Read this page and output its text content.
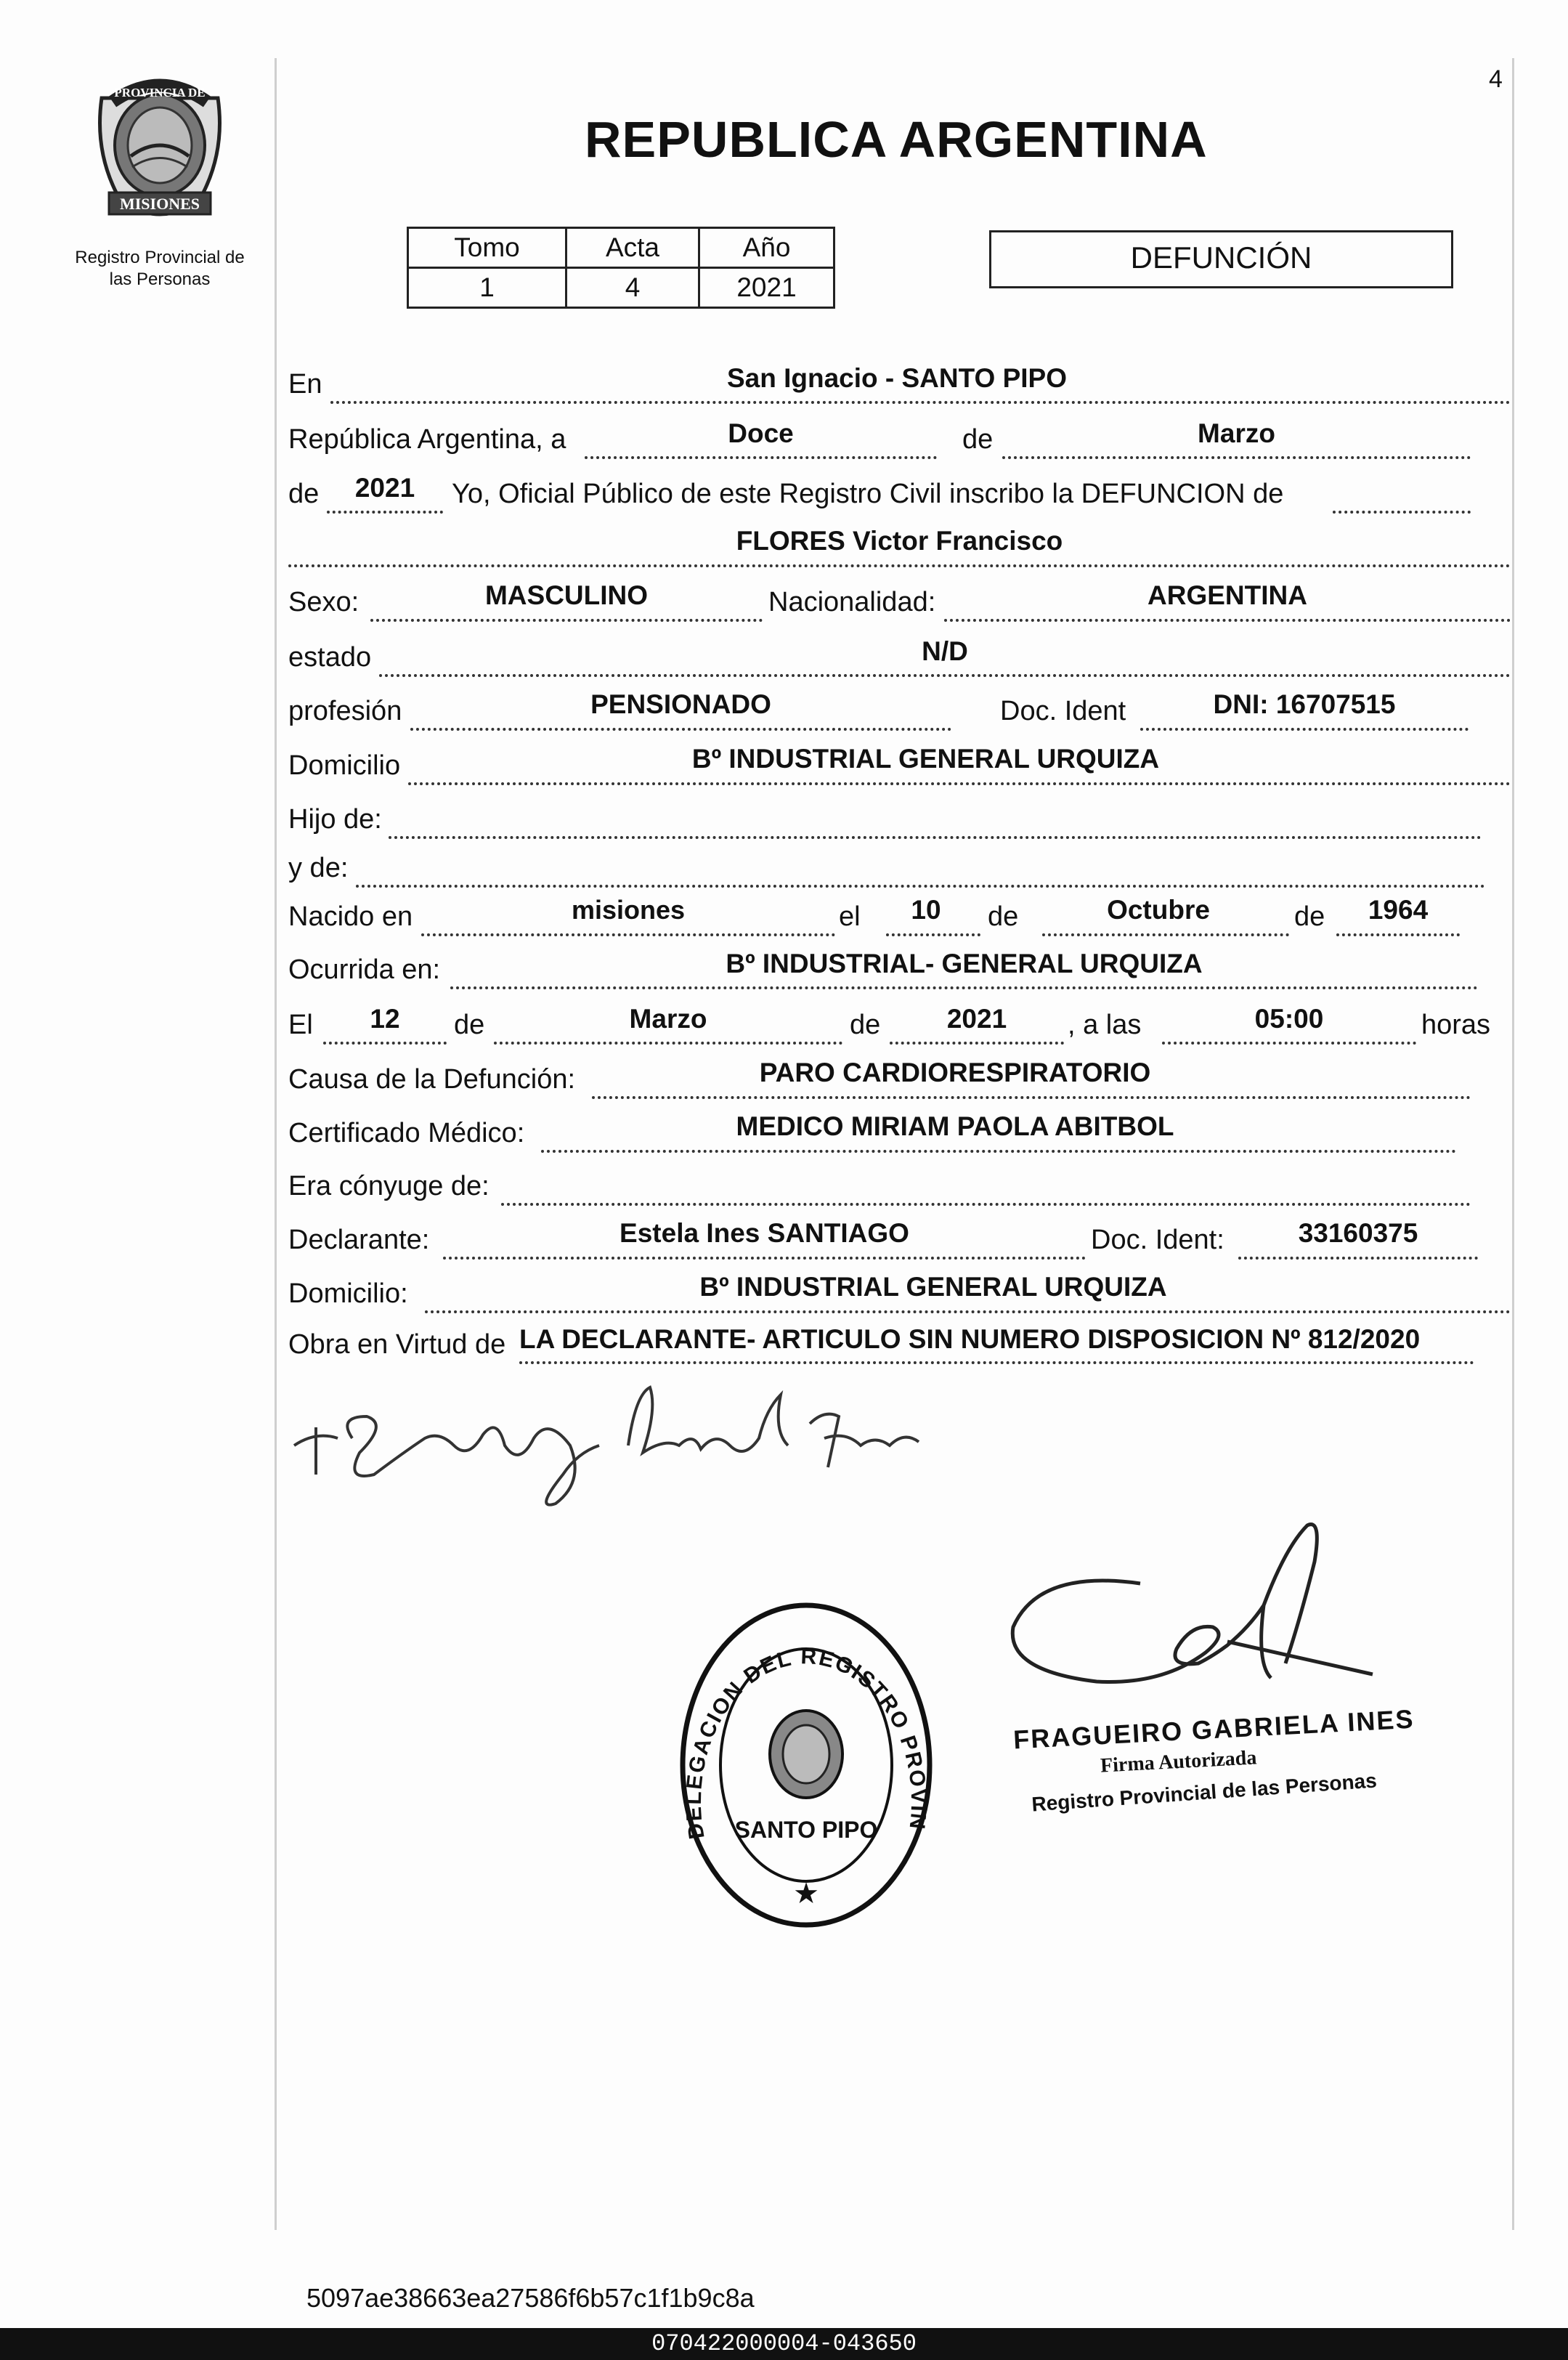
4
PROVINCIA DE
MISIONES
Registro Provincial de
las Personas
REPUBLICA ARGENTINA
Tomo	Acta	Año
1	4	2021
DEFUNCIÓN
En	San Ignacio - SANTO PIPO
República Argentina, a	Doce	de	Marzo
de	2021	Yo, Oficial Público de este Registro Civil inscribo la DEFUNCION de
FLORES Victor Francisco
Sexo:	MASCULINO	Nacionalidad:	ARGENTINA
estado	N/D
profesión	PENSIONADO	Doc. Ident	DNI: 16707515
Domicilio	Bº INDUSTRIAL GENERAL URQUIZA
Hijo de:
y de:
Nacido en	misiones	el	10	de	Octubre	de	1964
Ocurrida en:	Bº INDUSTRIAL- GENERAL URQUIZA
El	12	de	Marzo	de	2021	, a las	05:00	horas
Causa de la Defunción:	PARO CARDIORESPIRATORIO
Certificado Médico:	MEDICO MIRIAM PAOLA ABITBOL
Era cónyuge de:
Declarante:	Estela Ines SANTIAGO	Doc. Ident:	33160375
Domicilio:	Bº INDUSTRIAL GENERAL URQUIZA
Obra en Virtud de LA DECLARANTE- ARTICULO SIN NUMERO DISPOSICION Nº 812/2020
DELEGACION DEL REGISTRO PROVIN
SANTO PIPO
★
FRAGUEIRO GABRIELA INES
Firma Autorizada
Registro Provincial de las Personas
5097ae38663ea27586f6b57c1f1b9c8a
070422000004-043650
